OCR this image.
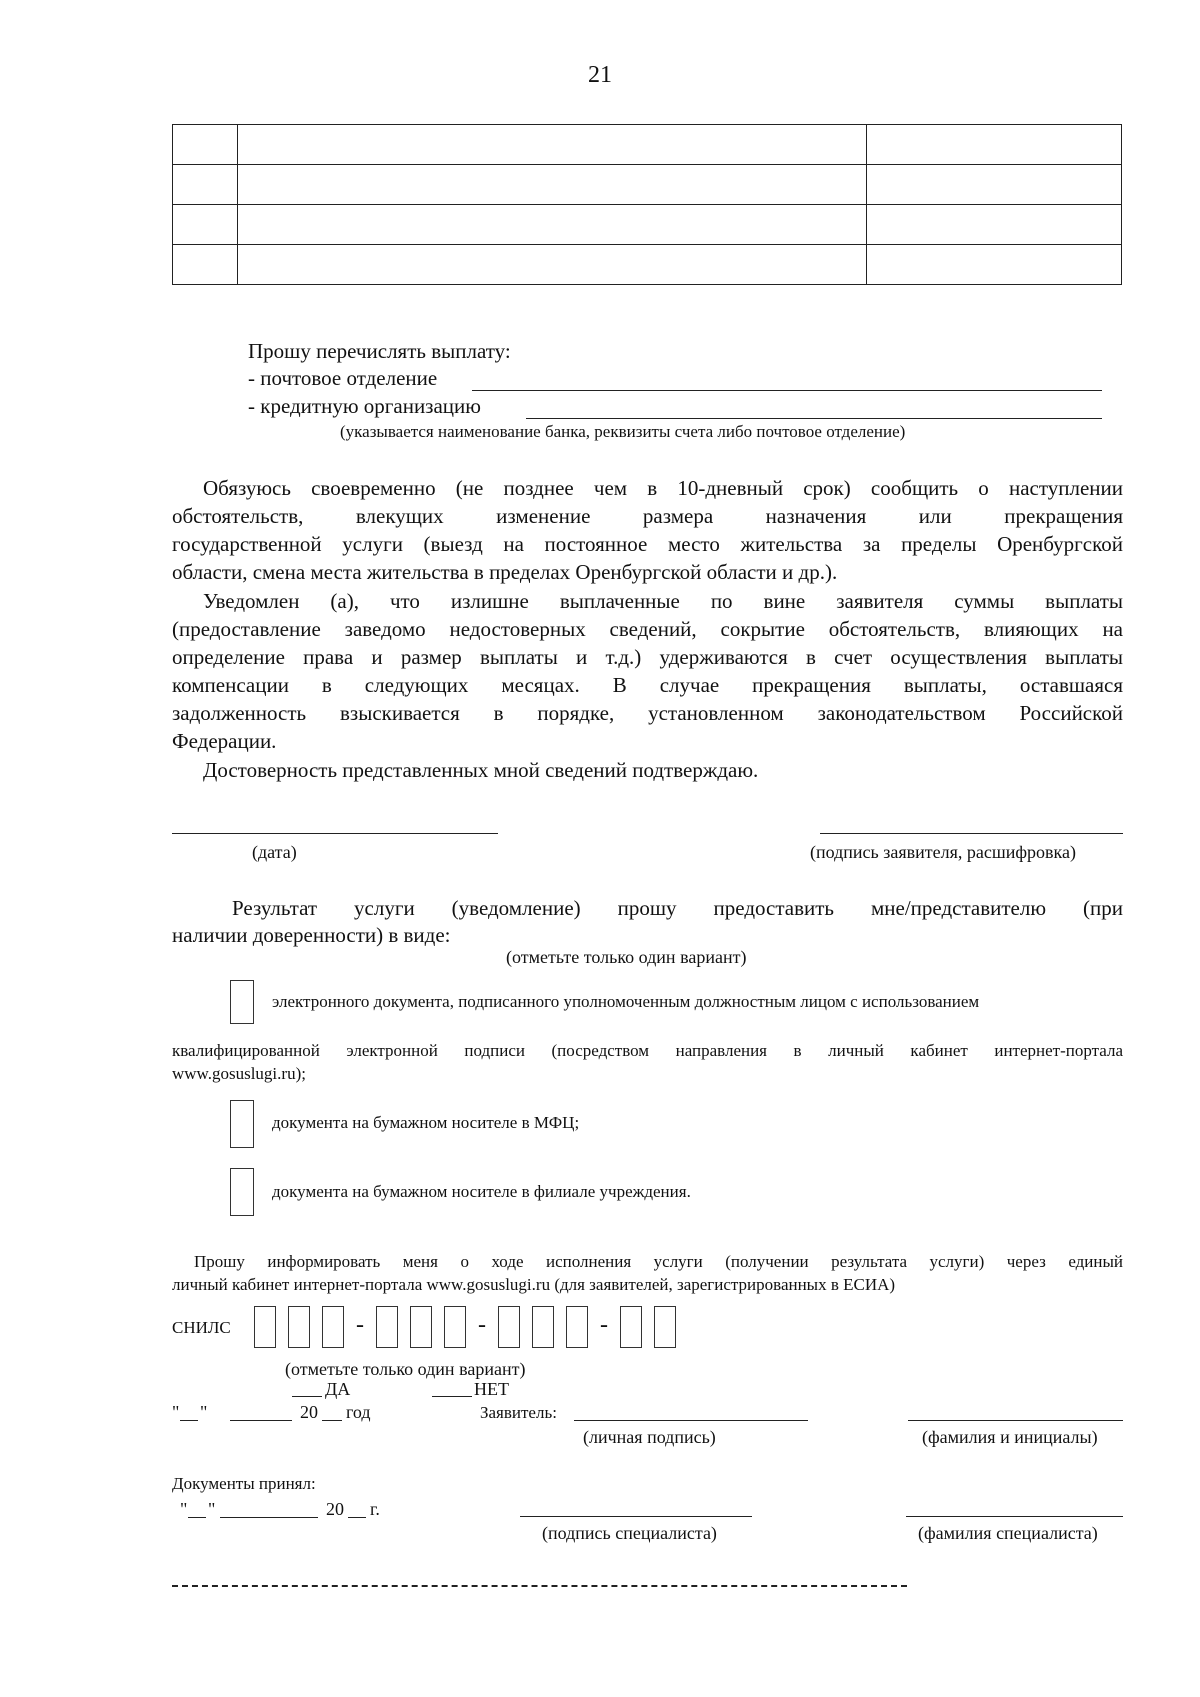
21

Прошу перечислять выплату:
- почтовое отделение
- кредитную организацию
(указывается наименование банка, реквизиты счета либо почтовое отделение)
Обязуюсь своевременно (не позднее чем в 10-дневный срок) сообщить о наступлении
обстоятельств, влекущих изменение размера назначения или прекращения
государственной услуги (выезд на постоянное место жительства за пределы Оренбургской
области, смена места жительства в пределах Оренбургской области и др.).
Уведомлен (а), что излишне выплаченные по вине заявителя суммы выплаты
(предоставление заведомо недостоверных сведений, сокрытие обстоятельств, влияющих на
определение права и размер выплаты и т.д.) удерживаются в счет осуществления выплаты
компенсации в следующих месяцах. В случае прекращения выплаты, оставшаяся
задолженность взыскивается в порядке, установленном законодательством Российской
Федерации.
Достоверность представленных мной сведений подтверждаю.
(дата)	(подпись заявителя, расшифровка)
Результат услуги (уведомление) прошу предоставить мне/представителю (при
наличии доверенности) в виде:
(отметьте только один вариант)
электронного документа, подписанного уполномоченным должностным лицом с использованием
квалифицированной электронной подписи (посредством направления в личный кабинет интернет-портала
www.gosuslugi.ru);
документа на бумажном носителе в МФЦ;
документа на бумажном носителе в филиале учреждения.
Прошу информировать меня о ходе исполнения услуги (получении результата услуги) через единый
личный кабинет интернет-портала www.gosuslugi.ru (для заявителей, зарегистрированных в ЕСИА)
СНИЛС	-	-	-
(отметьте только один вариант)
ДА	НЕТ
" "	20 год	Заявитель:
(личная подпись)	(фамилия и инициалы)
Документы принял:
" "	20 г.
(подпись специалиста)	(фамилия специалиста)
